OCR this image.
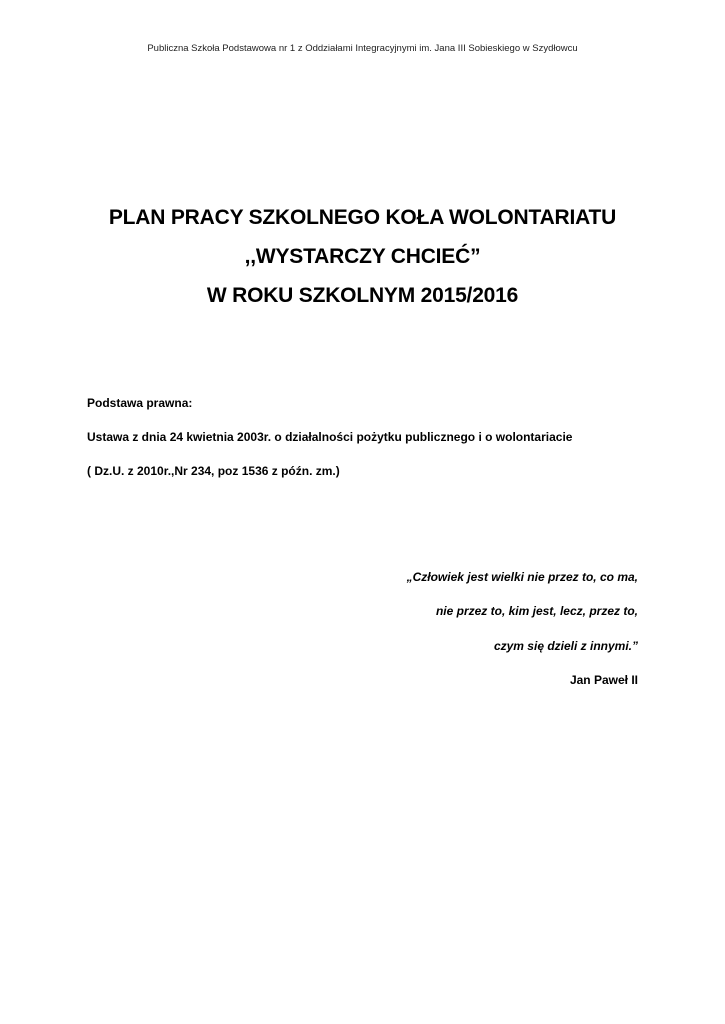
Publiczna Szkoła Podstawowa nr 1 z Oddziałami Integracyjnymi im. Jana III Sobieskiego w Szydłowcu
PLAN PRACY SZKOLNEGO KOŁA WOLONTARIATU
,,WYSTARCZY CHCIEĆ”
W ROKU SZKOLNYM 2015/2016
Podstawa prawna:
Ustawa z dnia 24 kwietnia 2003r. o działalności pożytku publicznego i o wolontariacie
( Dz.U. z 2010r.,Nr 234, poz 1536 z późn. zm.)
„Człowiek jest wielki nie przez to, co ma,
nie przez to, kim jest, lecz, przez to,
czym się dzieli z innymi.”
Jan Paweł II
